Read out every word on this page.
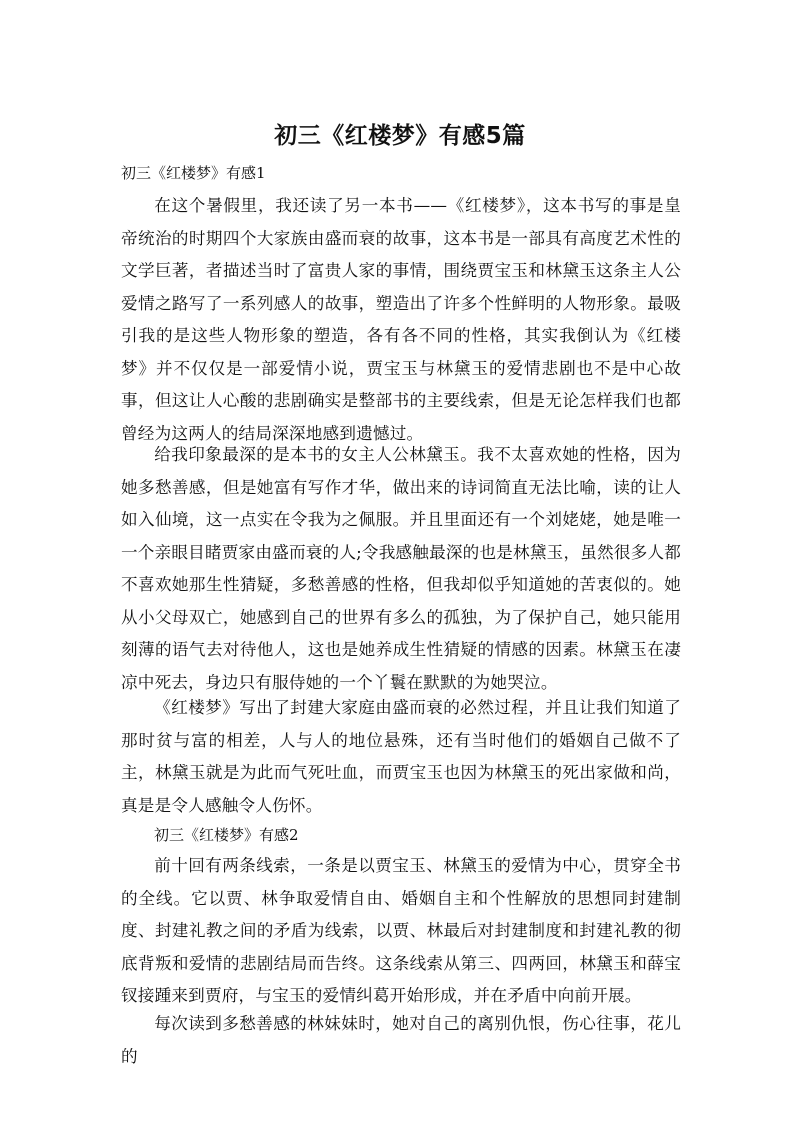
初三《红楼梦》有感5篇
初三《红楼梦》有感1

在这个暑假里，我还读了另一本书——《红楼梦》，这本书写的事是皇帝统治的时期四个大家族由盛而衰的故事，这本书是一部具有高度艺术性的文学巨著，者描述当时了富贵人家的事情，围绕贾宝玉和林黛玉这条主人公爱情之路写了一系列感人的故事，塑造出了许多个性鲜明的人物形象。最吸引我的是这些人物形象的塑造，各有各不同的性格，其实我倒认为《红楼梦》并不仅仅是一部爱情小说，贾宝玉与林黛玉的爱情悲剧也不是中心故事，但这让人心酸的悲剧确实是整部书的主要线索，但是无论怎样我们也都曾经为这两人的结局深深地感到遗憾过。

给我印象最深的是本书的女主人公林黛玉。我不太喜欢她的性格，因为她多愁善感，但是她富有写作才华，做出来的诗词简直无法比喻，读的让人如入仙境，这一点实在令我为之佩服。并且里面还有一个刘姥姥，她是唯一一个亲眼目睹贾家由盛而衰的人;令我感触最深的也是林黛玉，虽然很多人都不喜欢她那生性猜疑，多愁善感的性格，但我却似乎知道她的苦衷似的。她从小父母双亡，她感到自己的世界有多么的孤独，为了保护自己，她只能用刻薄的语气去对待他人，这也是她养成生性猜疑的情感的因素。林黛玉在凄凉中死去，身边只有服侍她的一个丫鬟在默默的为她哭泣。

《红楼梦》写出了封建大家庭由盛而衰的必然过程，并且让我们知道了那时贫与富的相差，人与人的地位悬殊，还有当时他们的婚姻自己做不了主，林黛玉就是为此而气死吐血，而贾宝玉也因为林黛玉的死出家做和尚，真是是令人感触令人伤怀。

初三《红楼梦》有感2

前十回有两条线索，一条是以贾宝玉、林黛玉的爱情为中心，贯穿全书的全线。它以贾、林争取爱情自由、婚姻自主和个性解放的思想同封建制度、封建礼教之间的矛盾为线索，以贾、林最后对封建制度和封建礼教的彻底背叛和爱情的悲剧结局而告终。这条线索从第三、四两回，林黛玉和薛宝钗接踵来到贾府，与宝玉的爱情纠葛开始形成，并在矛盾中向前开展。

每次读到多愁善感的林妹妹时，她对自己的离别仇恨，伤心往事，花儿的
